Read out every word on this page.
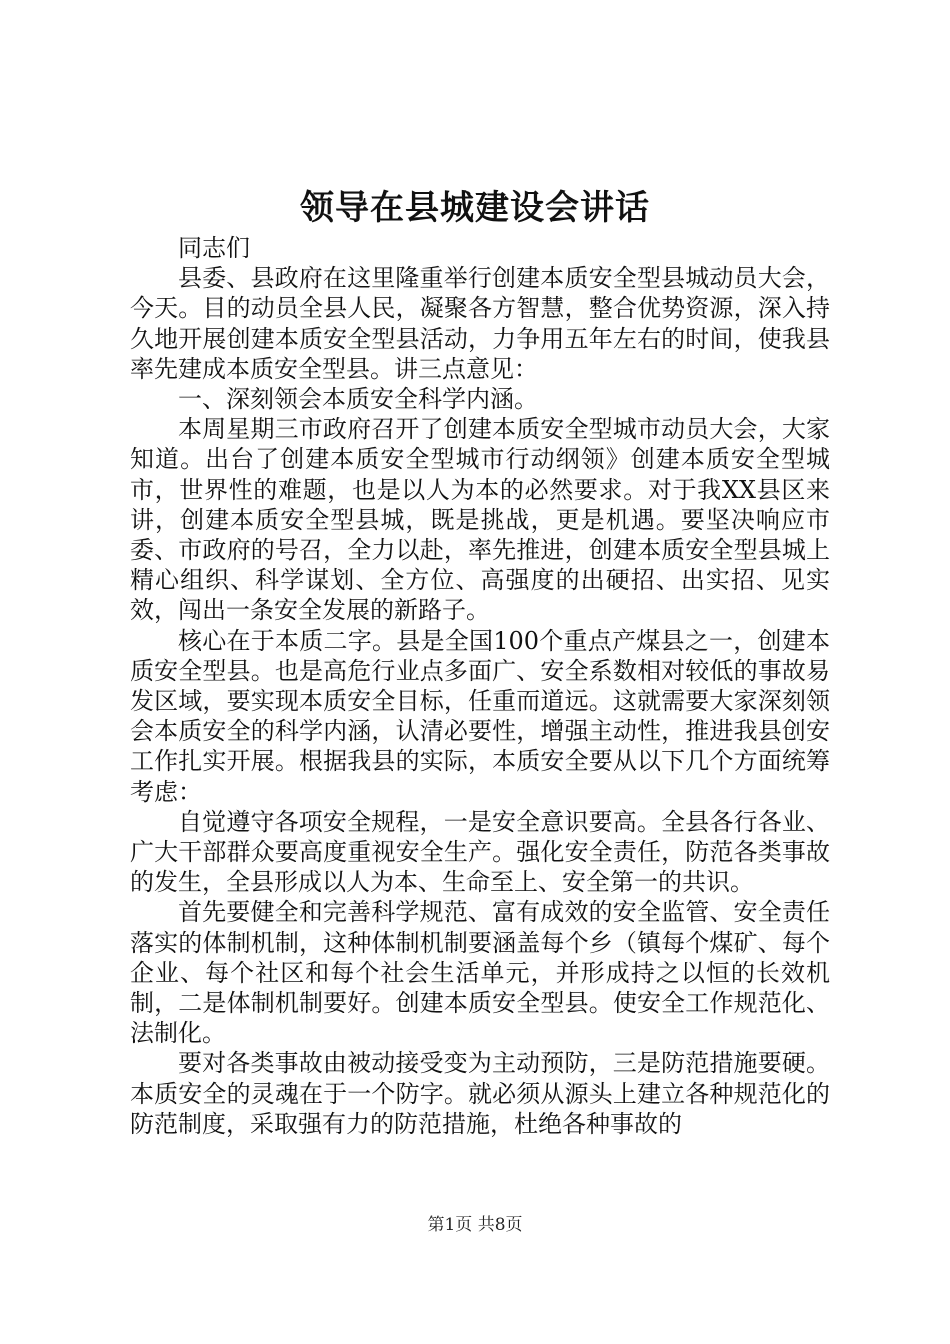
领导在县城建设会讲话

同志们

县委、县政府在这里隆重举行创建本质安全型县城动员大会，今天。目的动员全县人民，凝聚各方智慧，整合优势资源，深入持久地开展创建本质安全型县活动，力争用五年左右的时间，使我县率先建成本质安全型县。讲三点意见：

一、深刻领会本质安全科学内涵。

本周星期三市政府召开了创建本质安全型城市动员大会，大家知道。出台了创建本质安全型城市行动纲领》创建本质安全型城市，世界性的难题，也是以人为本的必然要求。对于我XX县区来讲，创建本质安全型县城，既是挑战，更是机遇。要坚决响应市委、市政府的号召，全力以赴，率先推进，创建本质安全型县城上精心组织、科学谋划、全方位、高强度的出硬招、出实招、见实效，闯出一条安全发展的新路子。

核心在于本质二字。县是全国100个重点产煤县之一，创建本质安全型县。也是高危行业点多面广、安全系数相对较低的事故易发区域，要实现本质安全目标，任重而道远。这就需要大家深刻领会本质安全的科学内涵，认清必要性，增强主动性，推进我县创安工作扎实开展。根据我县的实际，本质安全要从以下几个方面统筹考虑：

自觉遵守各项安全规程，一是安全意识要高。全县各行各业、广大干部群众要高度重视安全生产。强化安全责任，防范各类事故的发生，全县形成以人为本、生命至上、安全第一的共识。

首先要健全和完善科学规范、富有成效的安全监管、安全责任落实的体制机制，这种体制机制要涵盖每个乡（镇每个煤矿、每个企业、每个社区和每个社会生活单元，并形成持之以恒的长效机制，二是体制机制要好。创建本质安全型县。使安全工作规范化、法制化。

要对各类事故由被动接受变为主动预防，三是防范措施要硬。本质安全的灵魂在于一个防字。就必须从源头上建立各种规范化的防范制度，采取强有力的防范措施，杜绝各种事故的

第1页 共8页
